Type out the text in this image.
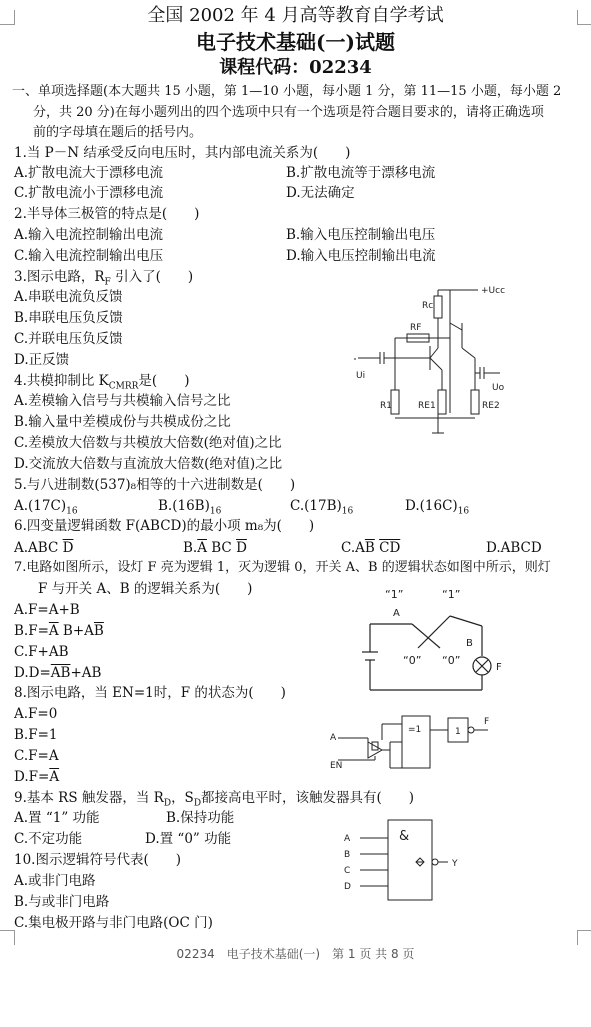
全国 2002 年 4 月高等教育自学考试
电子技术基础(一)试题
课程代码：02234
一、单项选择题(本大题共 15 小题，第 1—10 小题，每小题 1 分，第 11—15 小题，每小题 2
分，共 20 分)在每小题列出的四个选项中只有一个选项是符合题目要求的，请将正确选项
前的字母填在题后的括号内。
1.当 P－N 结承受反向电压时，其内部电流关系为(　　)
A.扩散电流大于漂移电流	B.扩散电流等于漂移电流
C.扩散电流小于漂移电流	D.无法确定
2.半导体三极管的特点是(　　)
A.输入电流控制输出电流	B.输入电压控制输出电压
C.输入电流控制输出电压	D.输入电压控制输出电流
3.图示电路，$R_F$ 引入了(　　)
A.串联电流负反馈
B.串联电压负反馈
C.并联电压负反馈
D.正反馈
Rc
RF
+Ucc
Ui
Uo
R1	RE1	RE2
4.共模抑制比 $K_{CMRR}$是(　　)
A.差模输入信号与共模输入信号之比
B.输入量中差模成份与共模成份之比
C.差模放大倍数与共模放大倍数(绝对值)之比
D.交流放大倍数与直流放大倍数(绝对值)之比
5.与八进制数(537)₈相等的十六进制数是(　　)
$A.(17C)_{16}$	$B.(16B)_{16}$	$C.(17B)_{16}$	$D.(16C)_{16}$
6.四变量逻辑函数 F(ABCD)的最小项 m₈为(　　)
A.ABC $\overline{D}$	$B.\overline{A}$ BC $\overline{D}$	$C.A\overline{B}$ $\overline{CD}$	D.ABCD
7.电路如图所示，设灯 F 亮为逻辑 1，灭为逻辑 0，开关 A、B 的逻辑状态如图中所示，则灯
F 与开关 A、B 的逻辑关系为(　　)
A.F=A+B
$B.F=\overline{A}$ $B+A\overline{B}$
C.F+AB
$D.D=\overline{AB}+AB$
“1”	“1”
A
B
“0” “0”
F
8.图示电路，当 EN=1时，F 的状态为(　　)
A.F=0
B.F=1
C.F=A
$D.F=\overline{A}$
A
EN
=1	1
F
9.基本 RS 触发器，当 $R_D$，$S_D$都接高电平时，该触发器具有(　　)
A.置 “1” 功能	B.保持功能
C.不定功能	D.置 “0” 功能
10.图示逻辑符号代表(　　)
A.或非门电路
B.与或非门电路
C.集电极开路与非门电路(OC 门)
&
A
B
C
D
Y
02234　电子技术基础(一)　第 1 页 共 8 页
